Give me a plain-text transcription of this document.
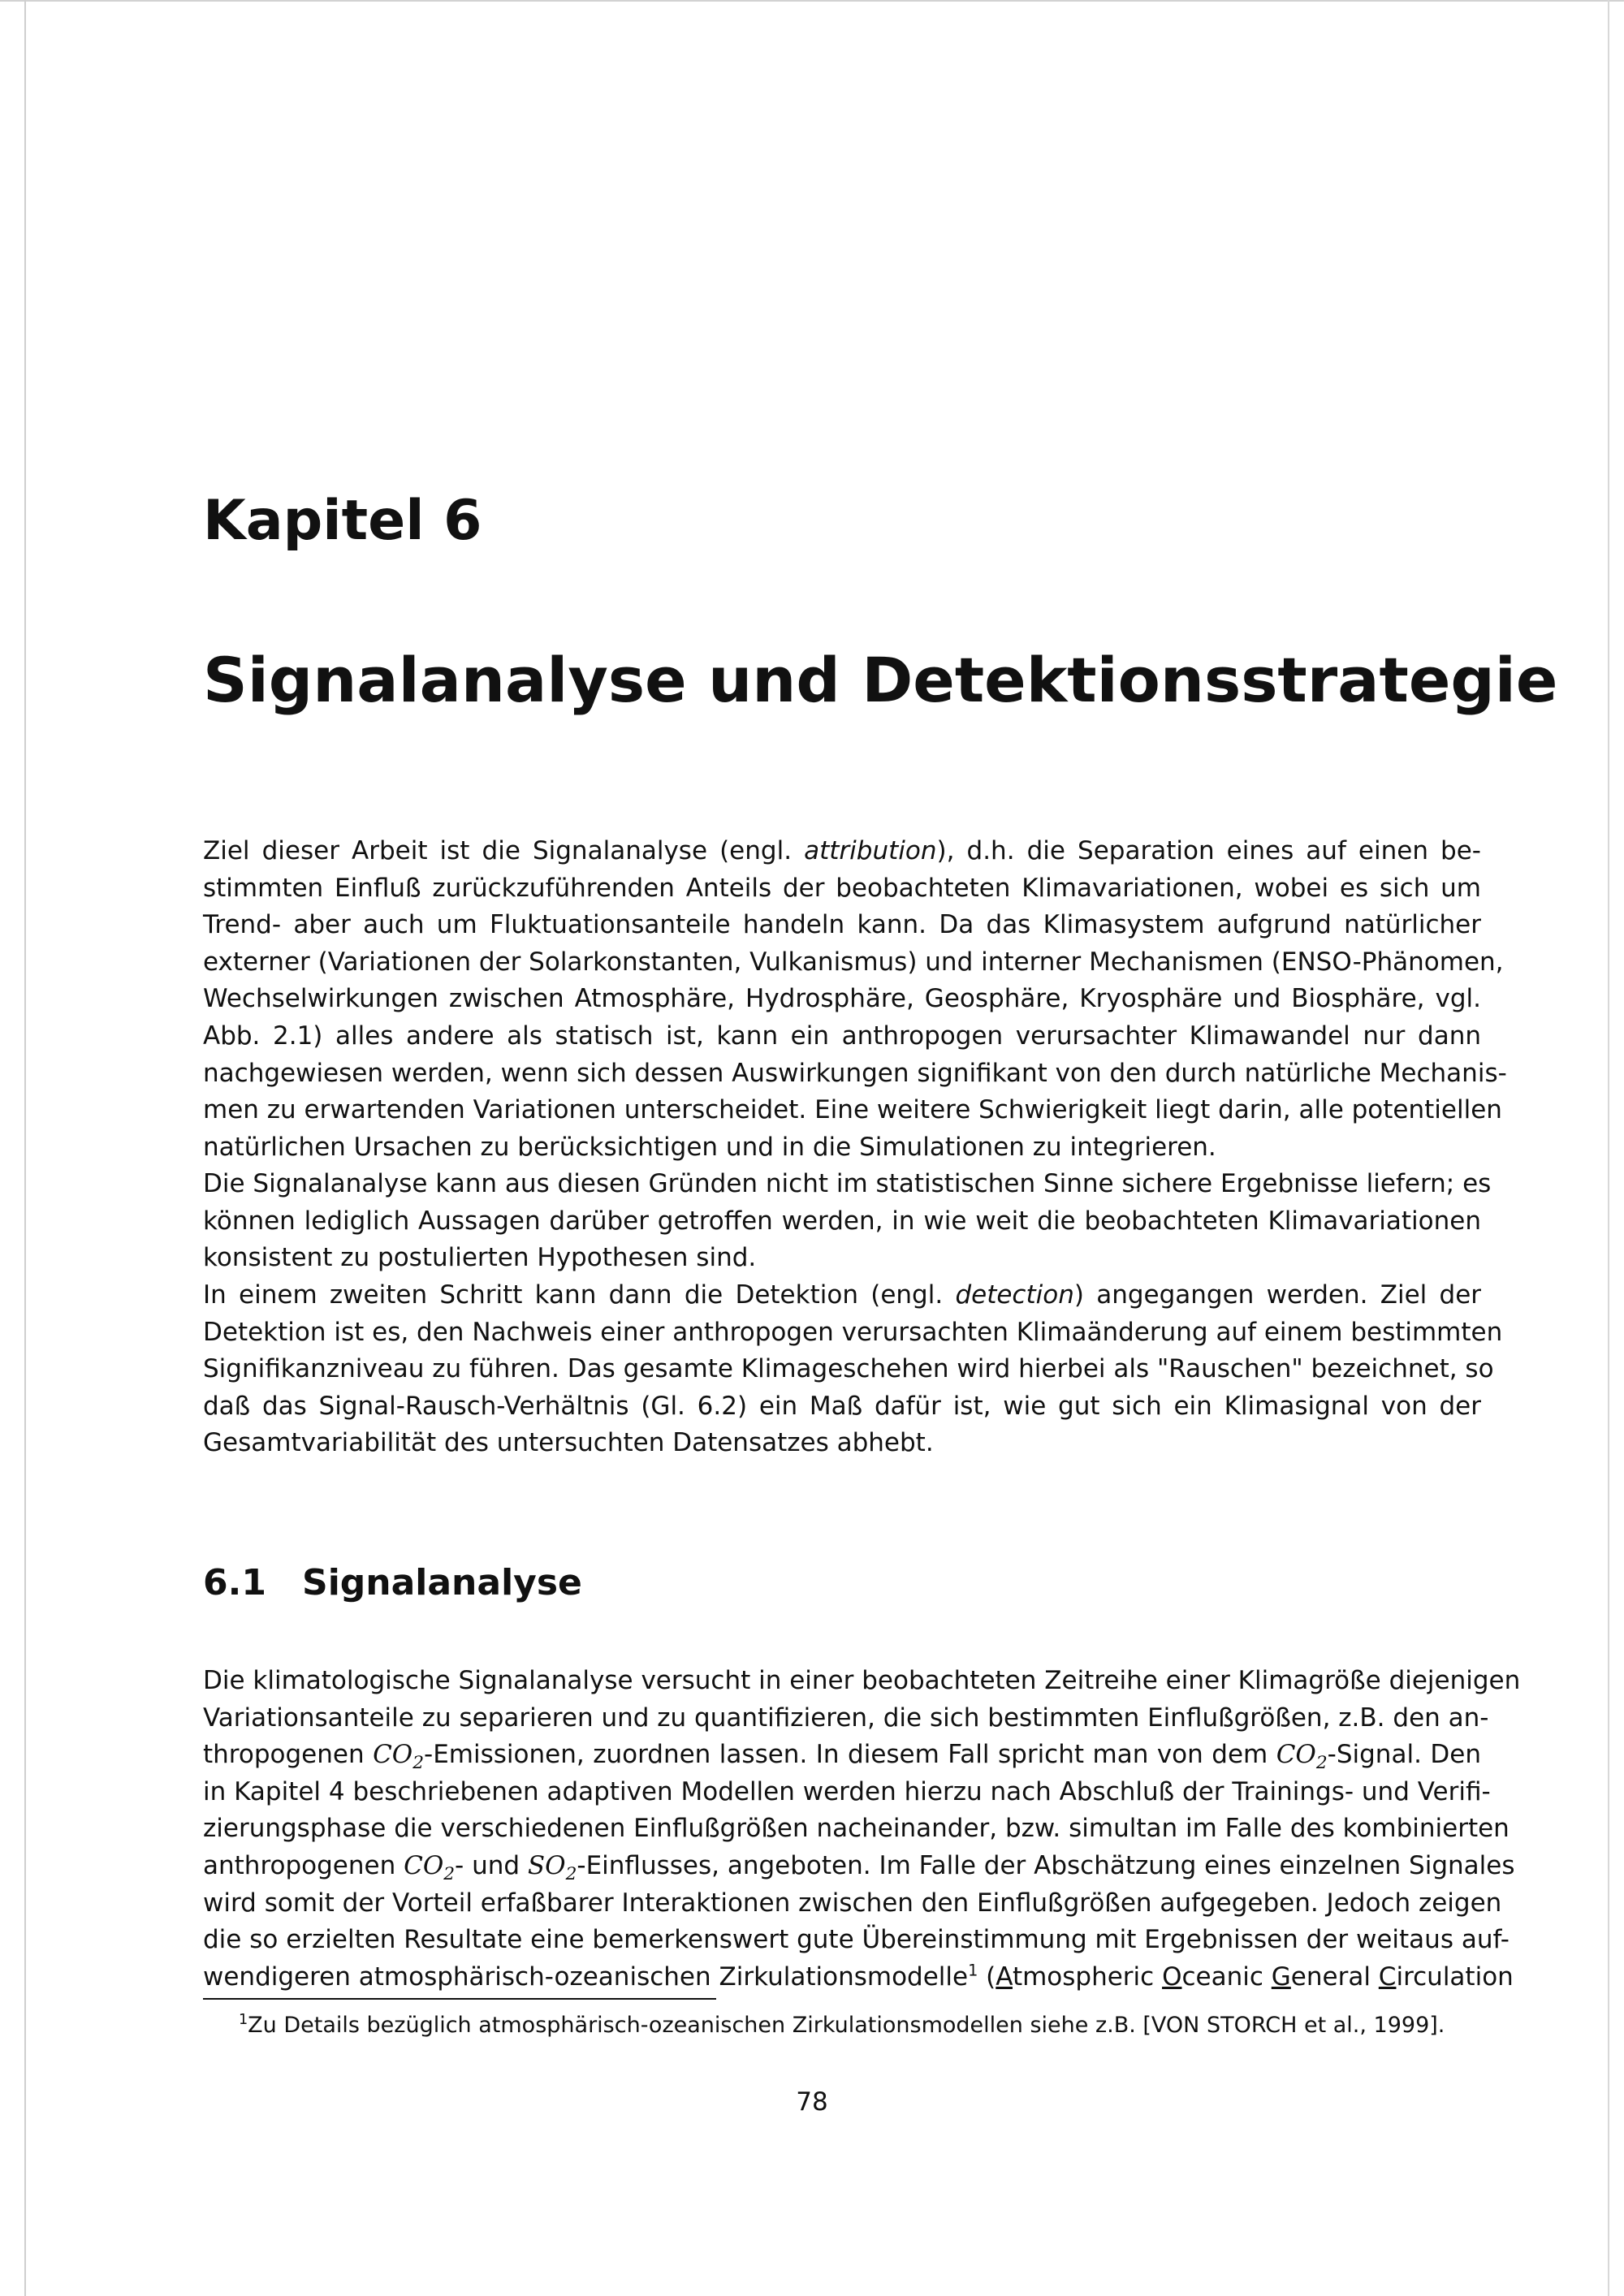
Kapitel 6
Signalanalyse und Detektionsstrategie
Ziel dieser Arbeit ist die Signalanalyse (engl. attribution), d.h. die Separation eines auf einen be-
stimmten Einfluß zurückzuführenden Anteils der beobachteten Klimavariationen, wobei es sich um
Trend- aber auch um Fluktuationsanteile handeln kann. Da das Klimasystem aufgrund natürlicher
externer (Variationen der Solarkonstanten, Vulkanismus) und interner Mechanismen (ENSO-Phänomen,
Wechselwirkungen zwischen Atmosphäre, Hydrosphäre, Geosphäre, Kryosphäre und Biosphäre, vgl.
Abb. 2.1) alles andere als statisch ist, kann ein anthropogen verursachter Klimawandel nur dann
nachgewiesen werden, wenn sich dessen Auswirkungen signifikant von den durch natürliche Mechanis-
men zu erwartenden Variationen unterscheidet. Eine weitere Schwierigkeit liegt darin, alle potentiellen
natürlichen Ursachen zu berücksichtigen und in die Simulationen zu integrieren.
Die Signalanalyse kann aus diesen Gründen nicht im statistischen Sinne sichere Ergebnisse liefern; es
können lediglich Aussagen darüber getroffen werden, in wie weit die beobachteten Klimavariationen
konsistent zu postulierten Hypothesen sind.
In einem zweiten Schritt kann dann die Detektion (engl. detection) angegangen werden. Ziel der
Detektion ist es, den Nachweis einer anthropogen verursachten Klimaänderung auf einem bestimmten
Signifikanzniveau zu führen. Das gesamte Klimageschehen wird hierbei als "Rauschen" bezeichnet, so
daß das Signal-Rausch-Verhältnis (Gl. 6.2) ein Maß dafür ist, wie gut sich ein Klimasignal von der
Gesamtvariabilität des untersuchten Datensatzes abhebt.
6.1 Signalanalyse
Die klimatologische Signalanalyse versucht in einer beobachteten Zeitreihe einer Klimagröße diejenigen
Variationsanteile zu separieren und zu quantifizieren, die sich bestimmten Einflußgrößen, z.B. den an-
thropogenen $CO_2$-Emissionen, zuordnen lassen. In diesem Fall spricht man von dem $CO_2$-Signal. Den
in Kapitel 4 beschriebenen adaptiven Modellen werden hierzu nach Abschluß der Trainings- und Verifi-
zierungsphase die verschiedenen Einflußgrößen nacheinander, bzw. simultan im Falle des kombinierten
anthropogenen $CO_2-$ und $SO_2$-Einflusses, angeboten. Im Falle der Abschätzung eines einzelnen Signales
wird somit der Vorteil erfaßbarer Interaktionen zwischen den Einflußgrößen aufgegeben. Jedoch zeigen
die so erzielten Resultate eine bemerkenswert gute Übereinstimmung mit Ergebnissen der weitaus auf-
wendigeren atmosphärisch-ozeanischen Zirkulationsmodelle$^1$ (Atmospheric Oceanic General Circulation

$^1$Zu Details bezüglich atmosphärisch-ozeanischen Zirkulationsmodellen siehe z.B. [VON STORCH et al., 1999].

78
